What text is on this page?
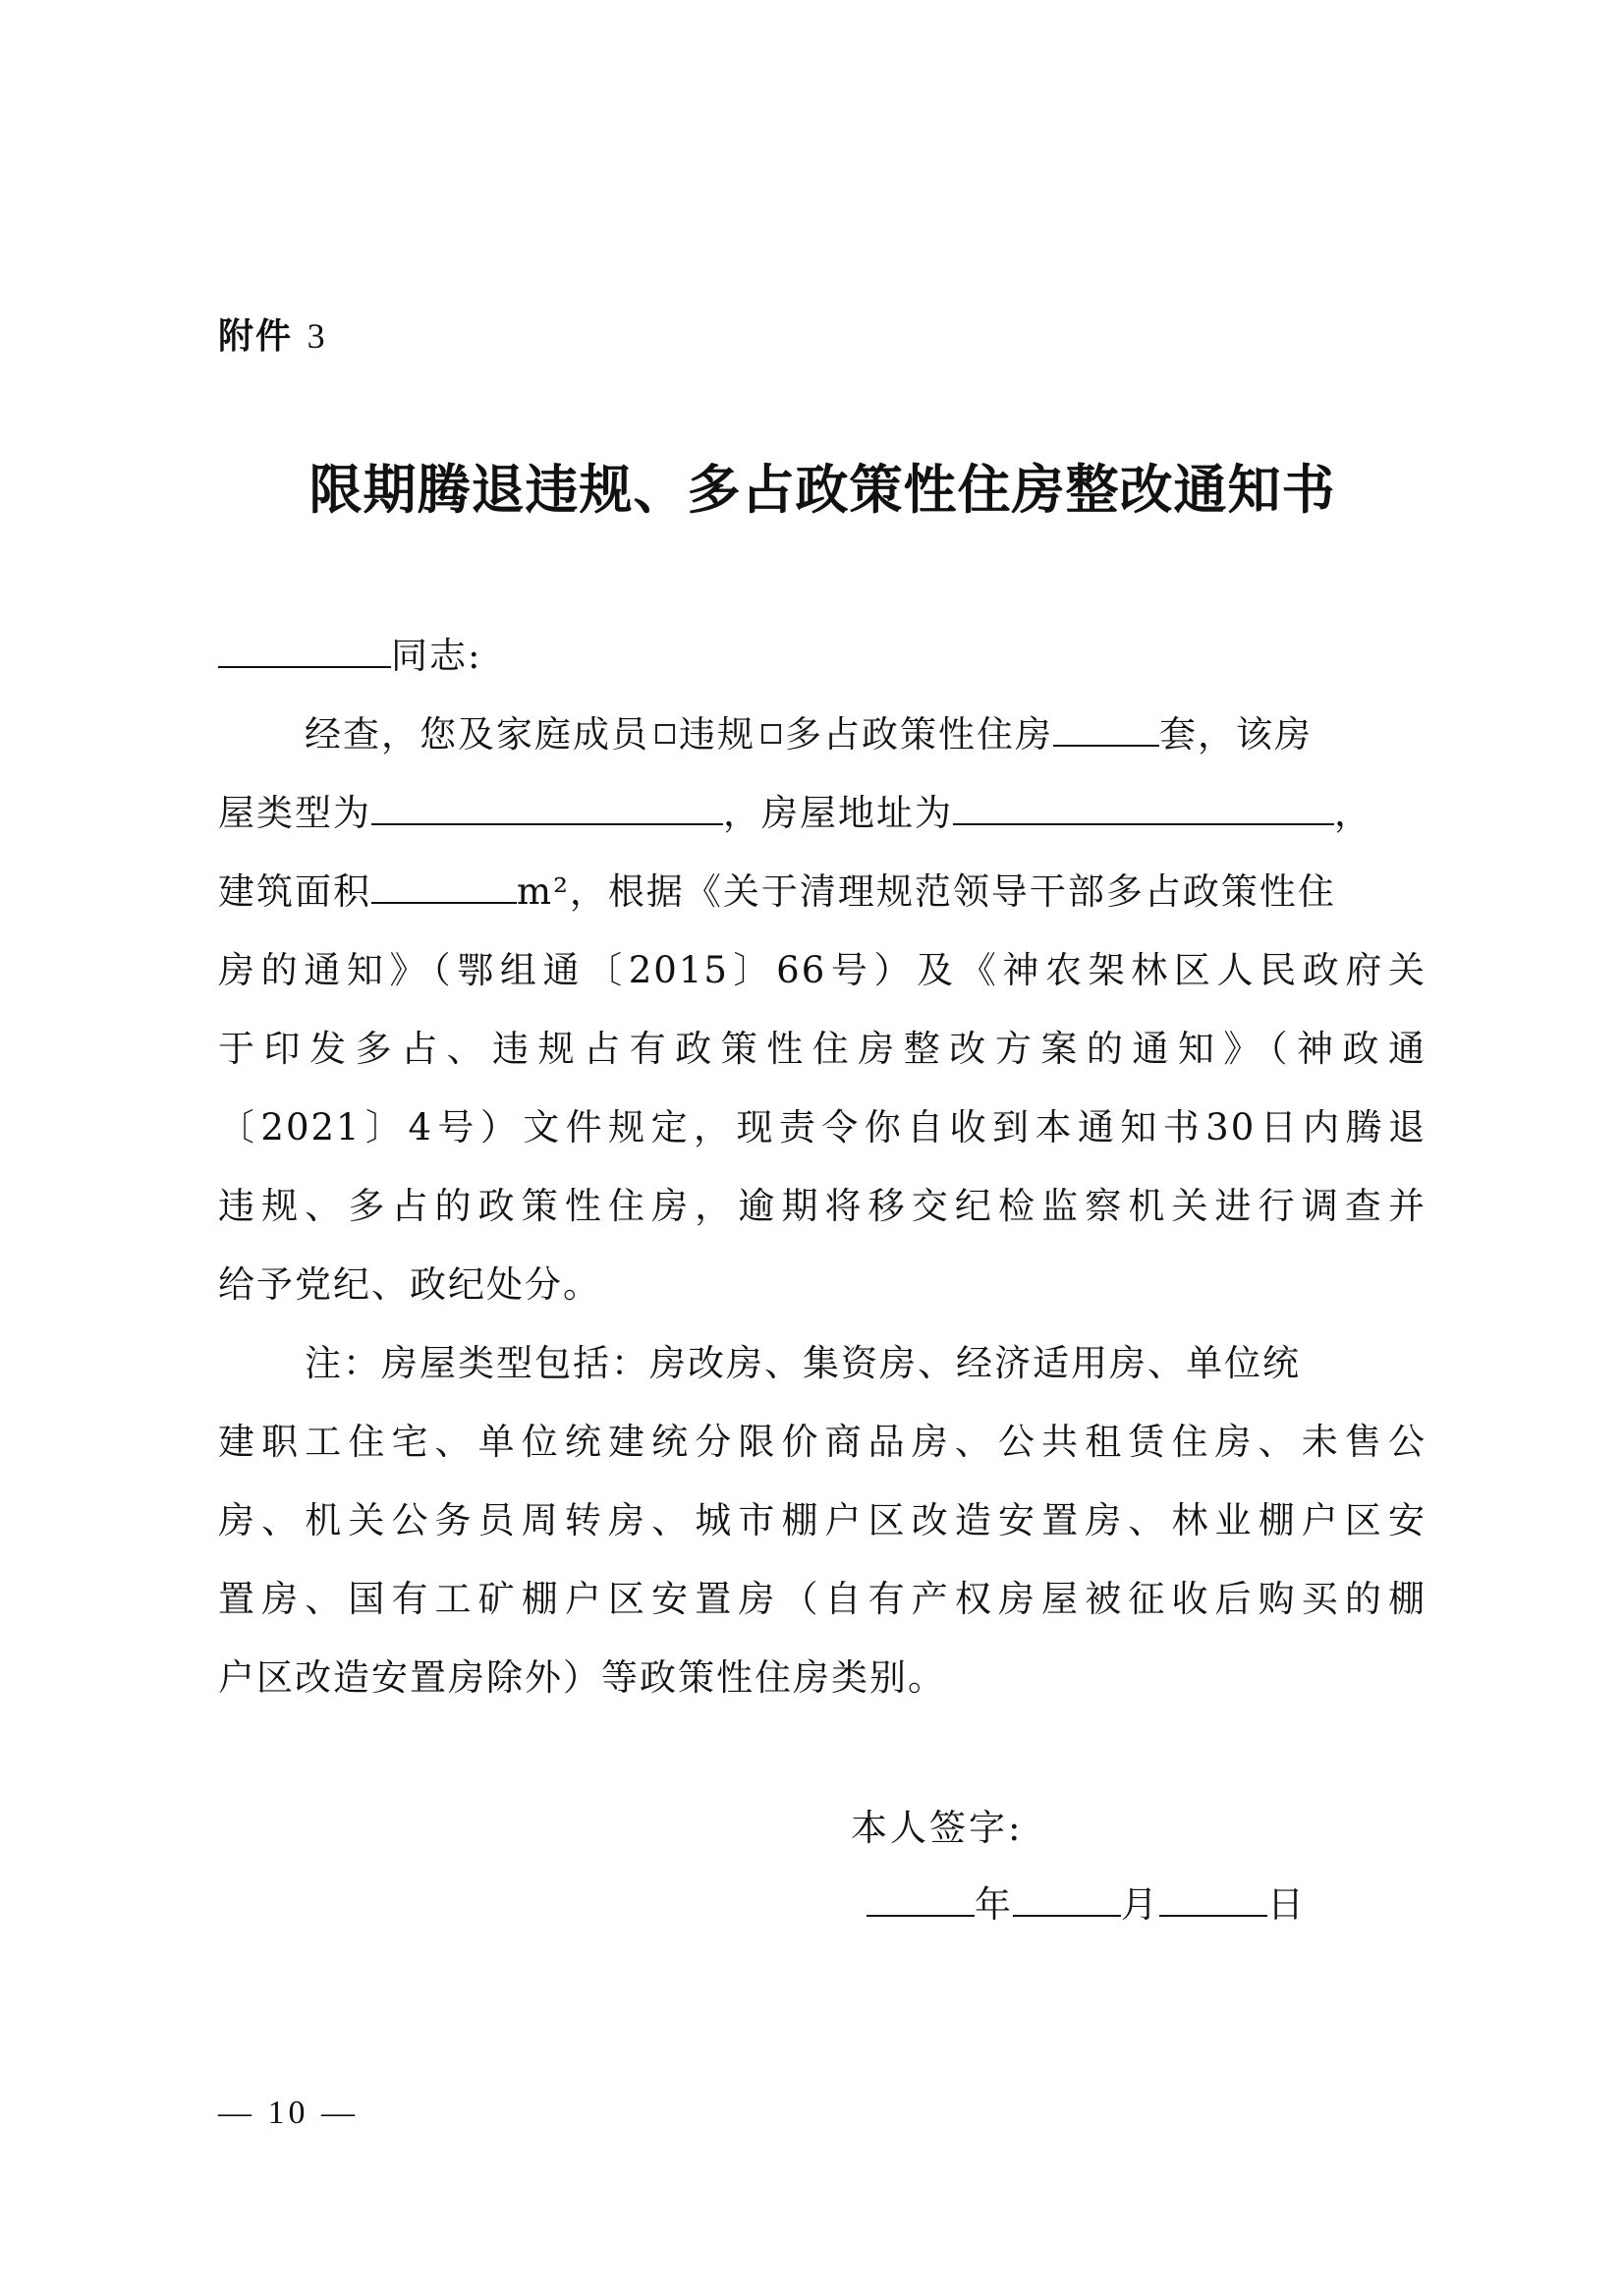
附件 3
限期腾退违规、多占政策性住房整改通知书
同志:
经查，您及家庭成员 违规 多占政策性住房	套，该房
屋类型为	，房屋地址为	，
建筑面积	m²，根据《关于清理规范领导干部多占政策性住
房的通知》（鄂组通〔2015〕66号）及《神农架林区人民政府关
于印发多占、违规占有政策性住房整改方案的通知》（神政通
〔2021〕4号）文件规定，现责令你自收到本通知书30日内腾退
违规、多占的政策性住房，逾期将移交纪检监察机关进行调查并
给予党纪、政纪处分。
注：房屋类型包括：房改房、集资房、经济适用房、单位统
建职工住宅、单位统建统分限价商品房、公共租赁住房、未售公
房、机关公务员周转房、城市棚户区改造安置房、林业棚户区安
置房、国有工矿棚户区安置房（自有产权房屋被征收后购买的棚
户区改造安置房除外）等政策性住房类别。
本人签字:
年	月	日
— 10 —
